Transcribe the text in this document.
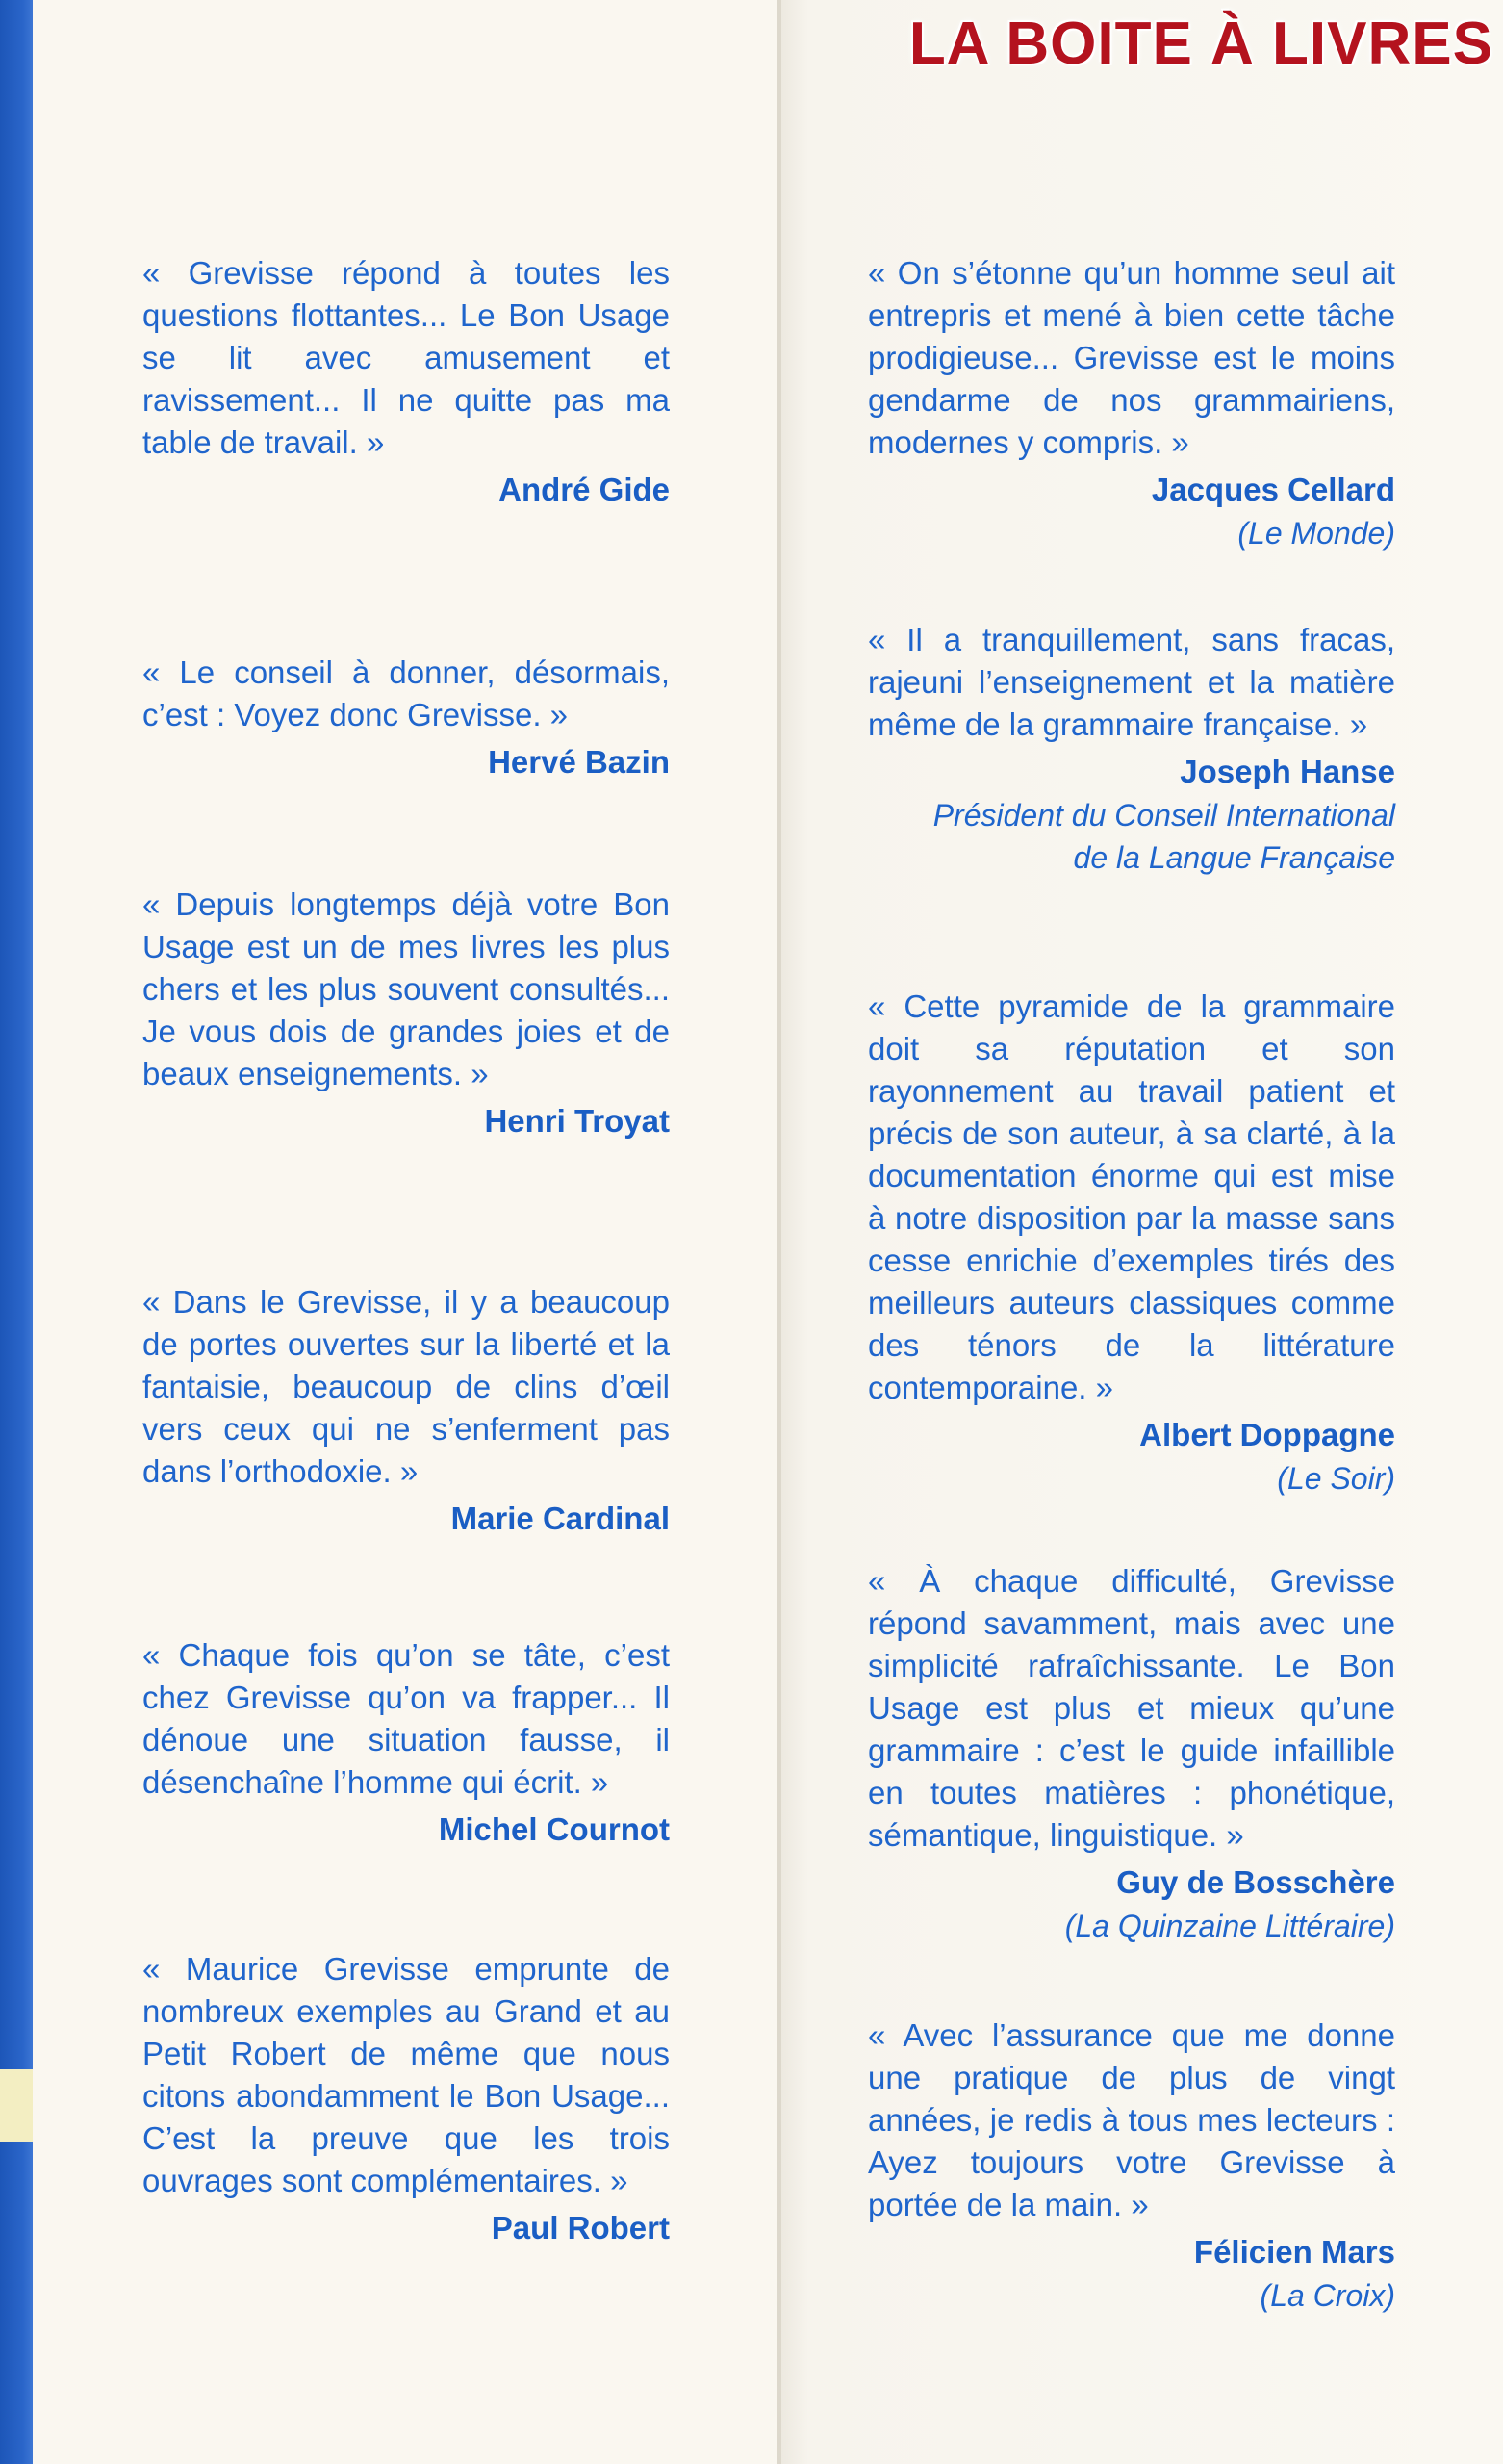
LA BOITE À LIVRES

« Grevisse répond à toutes les questions flottantes... Le Bon Usage se lit avec amusement et ravissement... Il ne quitte pas ma table de travail. »

André Gide

« Le conseil à donner, désormais, c’est : Voyez donc Grevisse. »

Hervé Bazin

« Depuis longtemps déjà votre Bon Usage est un de mes livres les plus chers et les plus souvent consultés... Je vous dois de grandes joies et de beaux enseignements. »

Henri Troyat

« Dans le Grevisse, il y a beaucoup de portes ouvertes sur la liberté et la fantaisie, beaucoup de clins d’œil vers ceux qui ne s’enferment pas dans l’orthodoxie. »

Marie Cardinal

« Chaque fois qu’on se tâte, c’est chez Grevisse qu’on va frapper... Il dénoue une situation fausse, il désenchaîne l’homme qui écrit. »

Michel Cournot

« Maurice Grevisse emprunte de nombreux exemples au Grand et au Petit Robert de même que nous citons abondamment le Bon Usage... C’est la preuve que les trois ouvrages sont complémentaires. »

Paul Robert

« On s’étonne qu’un homme seul ait entrepris et mené à bien cette tâche prodigieuse... Grevisse est le moins gendarme de nos grammairiens, modernes y compris. »

Jacques Cellard

(Le Monde)

« Il a tranquillement, sans fracas, rajeuni l’enseignement et la matière même de la grammaire française. »

Joseph Hanse

Président du Conseil International

de la Langue Française

« Cette pyramide de la grammaire doit sa réputation et son rayonnement au travail patient et précis de son auteur, à sa clarté, à la documentation énorme qui est mise à notre disposition par la masse sans cesse enrichie d’exemples tirés des meilleurs auteurs classiques comme des ténors de la littérature contemporaine. »

Albert Doppagne

(Le Soir)

« À chaque difficulté, Grevisse répond savamment, mais avec une simplicité rafraîchissante. Le Bon Usage est plus et mieux qu’une grammaire : c’est le guide infaillible en toutes matières : phonétique, sémantique, linguistique. »

Guy de Bosschère

(La Quinzaine Littéraire)

« Avec l’assurance que me donne une pratique de plus de vingt années, je redis à tous mes lecteurs : Ayez toujours votre Grevisse à portée de la main. »

Félicien Mars

(La Croix)
